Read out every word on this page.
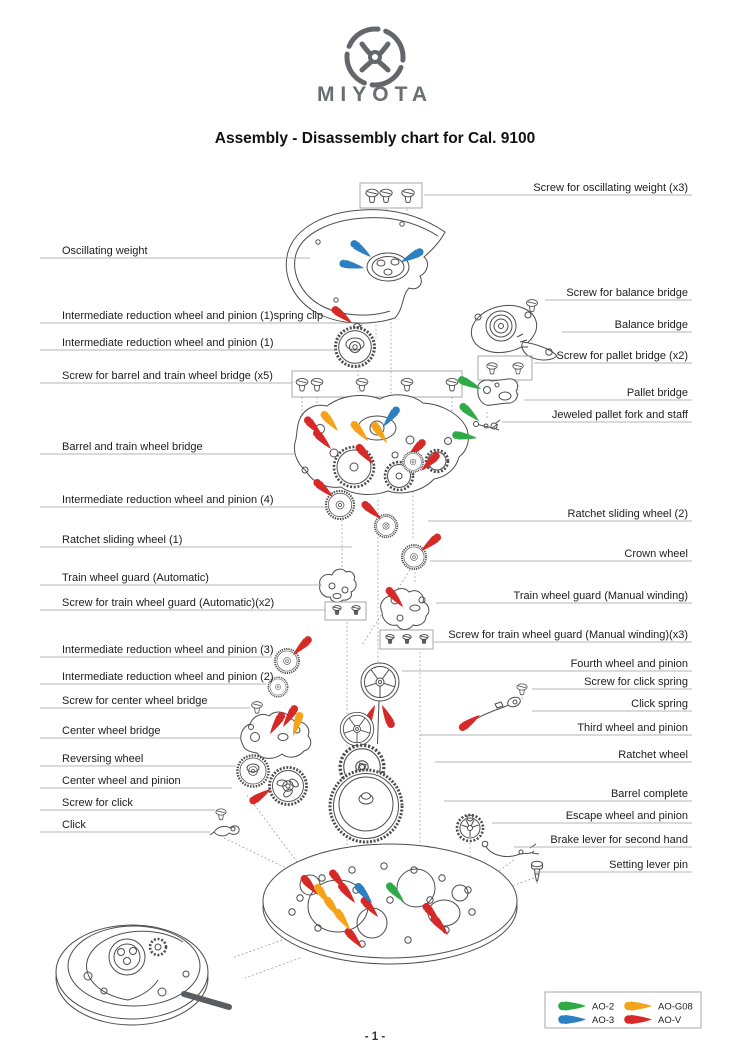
MIYOTA
Assembly - Disassembly chart for Cal. 9100
Oscillating weight
Intermediate reduction wheel and pinion (1)spring clip
Intermediate reduction wheel and pinion (1)
Screw for barrel and train wheel bridge (x5)
Barrel and train wheel bridge
Intermediate reduction wheel and pinion (4)
Ratchet sliding wheel (1)
Train wheel guard (Automatic)
Screw for train wheel guard (Automatic)(x2)
Intermediate reduction wheel and pinion (3)
Intermediate reduction wheel and pinion (2)
Screw for center wheel bridge
Center wheel bridge
Reversing wheel
Center wheel and pinion
Screw for click
Click
Screw for oscillating weight (x3)
Screw for balance bridge
Balance bridge
Screw for pallet bridge (x2)
Pallet bridge
Jeweled pallet fork and staff
Ratchet sliding wheel (2)
Crown wheel
Train wheel guard (Manual winding)
Screw for train wheel guard (Manual winding)(x3)
Fourth wheel and pinion
Screw for click spring
Click spring
Third wheel and pinion
Ratchet wheel
Barrel complete
Escape wheel and pinion
Brake lever for second hand
Setting lever pin
AO-2	AO-G08
AO-3	AO-V
- 1 -
